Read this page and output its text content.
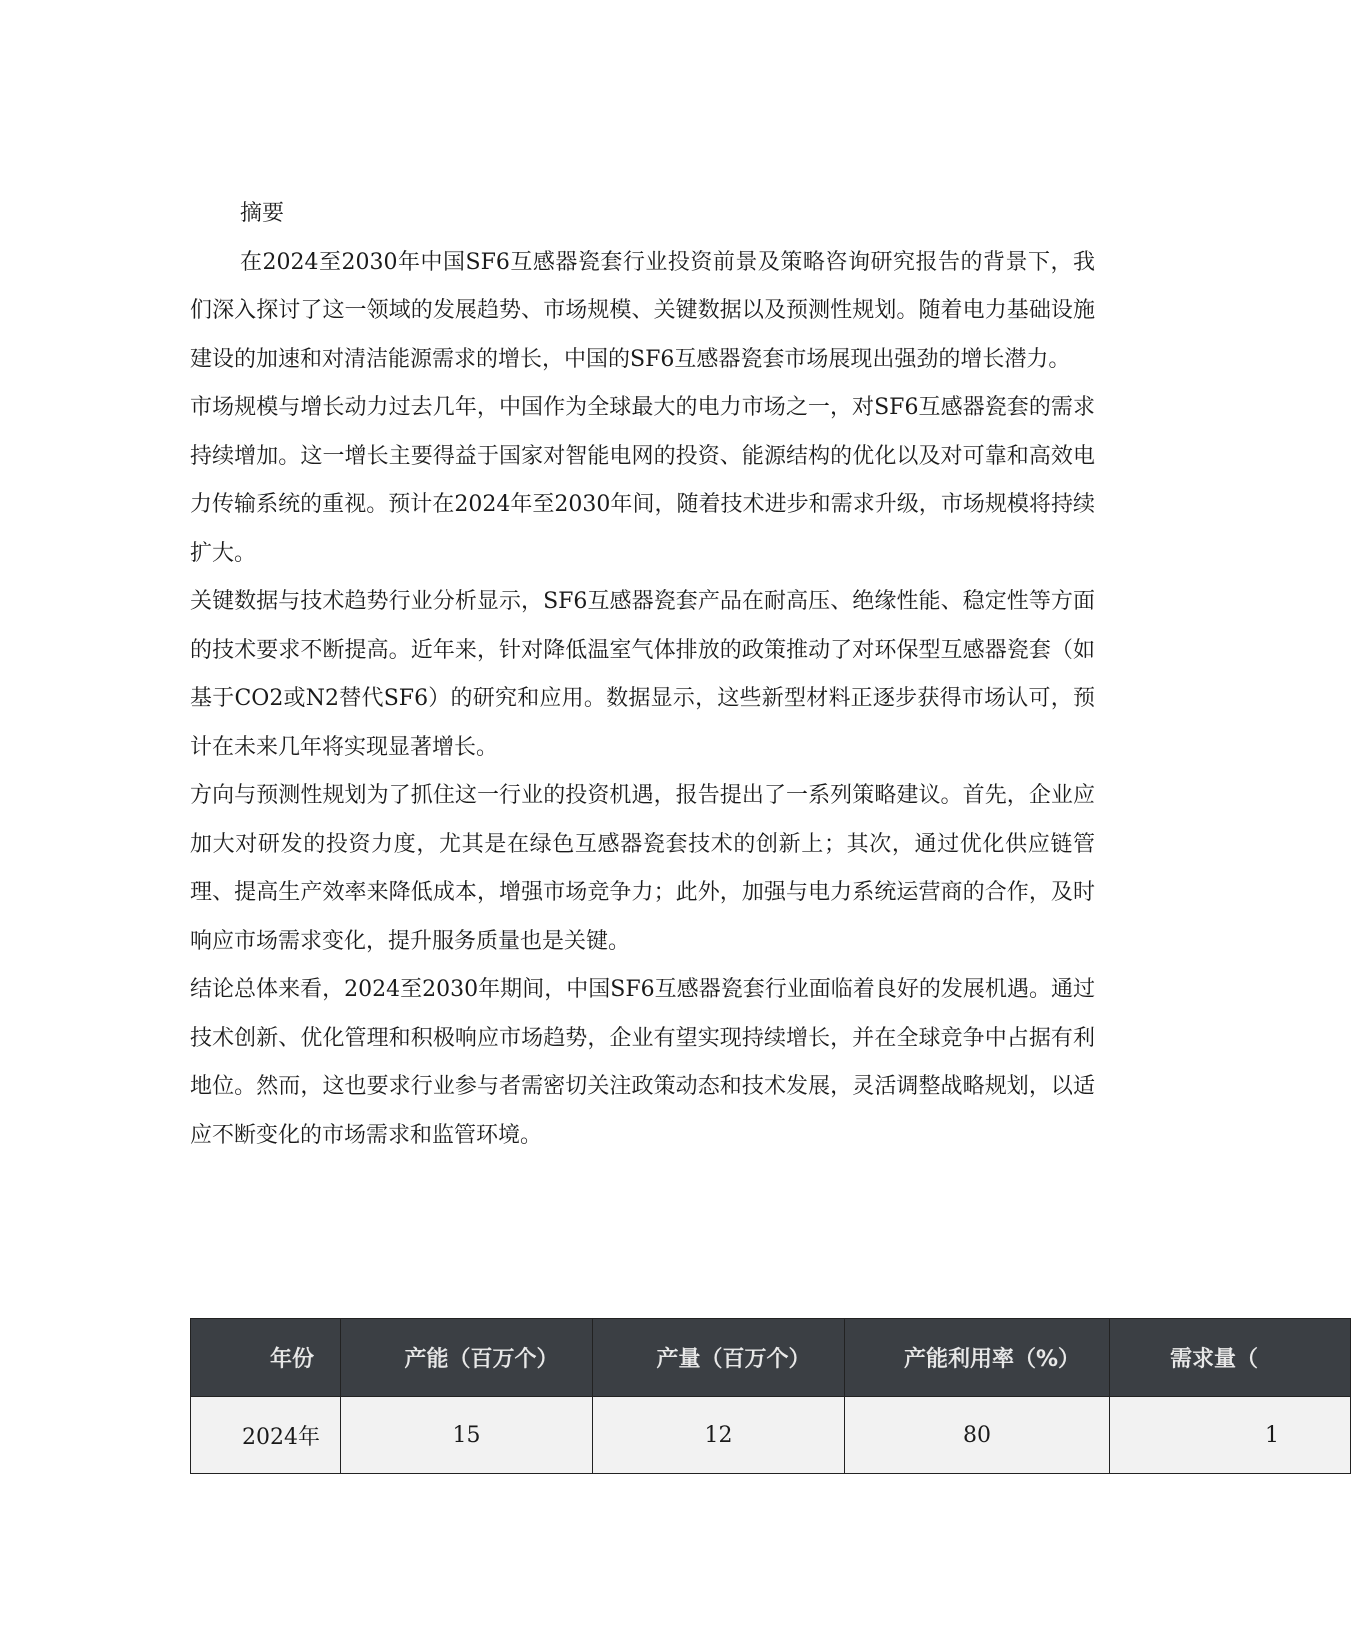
摘要

在2024至2030年中国SF6互感器瓷套行业投资前景及策略咨询研究报告的背景下，我们深入探讨了这一领域的发展趋势、市场规模、关键数据以及预测性规划。随着电力基础设施建设的加速和对清洁能源需求的增长，中国的SF6互感器瓷套市场展现出强劲的增长潜力。

市场规模与增长动力过去几年，中国作为全球最大的电力市场之一，对SF6互感器瓷套的需求持续增加。这一增长主要得益于国家对智能电网的投资、能源结构的优化以及对可靠和高效电力传输系统的重视。预计在2024年至2030年间，随着技术进步和需求升级，市场规模将持续扩大。

关键数据与技术趋势行业分析显示，SF6互感器瓷套产品在耐高压、绝缘性能、稳定性等方面的技术要求不断提高。近年来，针对降低温室气体排放的政策推动了对环保型互感器瓷套（如基于CO2或N2替代SF6）的研究和应用。数据显示，这些新型材料正逐步获得市场认可，预计在未来几年将实现显著增长。

方向与预测性规划为了抓住这一行业的投资机遇，报告提出了一系列策略建议。首先，企业应加大对研发的投资力度，尤其是在绿色互感器瓷套技术的创新上；其次，通过优化供应链管理、提高生产效率来降低成本，增强市场竞争力；此外，加强与电力系统运营商的合作，及时响应市场需求变化，提升服务质量也是关键。

结论总体来看，2024至2030年期间，中国SF6互感器瓷套行业面临着良好的发展机遇。通过技术创新、优化管理和积极响应市场趋势，企业有望实现持续增长，并在全球竞争中占据有利地位。然而，这也要求行业参与者需密切关注政策动态和技术发展，灵活调整战略规划，以适应不断变化的市场需求和监管环境。

年份	产能（百万个）	产量（百万个）	产能利用率（%）	需求量（
2024年	15	12	80	1
